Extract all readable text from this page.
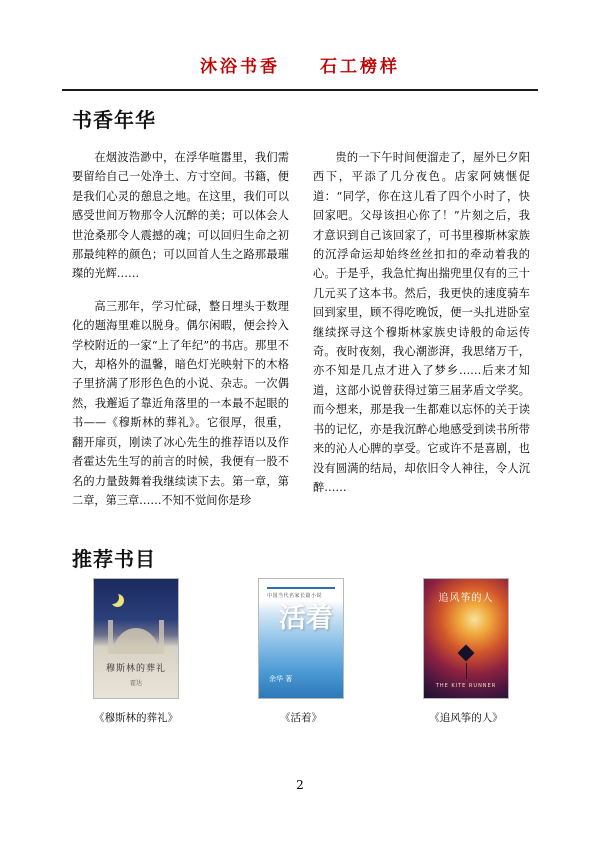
沐浴书香　　石工榜样
书香年华

在烟波浩渺中，在浮华喧嚣里，我们需要留给自己一处净土、方寸空间。书籍，便是我们心灵的憩息之地。在这里，我们可以感受世间万物那令人沉醉的美；可以体会人世沧桑那令人震撼的魂；可以回归生命之初那最纯粹的颜色；可以回首人生之路那最璀璨的光辉……

高三那年，学习忙碌，整日埋头于数理化的题海里难以脱身。偶尔闲暇，便会拎入学校附近的一家“上了年纪”的书店。那里不大，却格外的温馨，暗色灯光映射下的木格子里挤满了形形色色的小说、杂志。一次偶然，我邂逅了靠近角落里的一本最不起眼的书——《穆斯林的葬礼》。它很厚，很重，翻开扉页，刚读了冰心先生的推荐语以及作者霍达先生写的前言的时候，我便有一股不名的力量鼓舞着我继续读下去。第一章，第二章，第三章……不知不觉间你是珍

贵的一下午时间便溜走了，屋外巳夕阳西下，平添了几分夜色。店家阿姨惬促道：“同学，你在这儿看了四个小时了，快回家吧。父母该担心你了！”片刻之后，我才意识到自己该回家了，可书里穆斯林家族的沉浮命运却始终丝丝扣扣的牵动着我的心。于是乎，我急忙掏出揣兜里仅有的三十几元买了这本书。然后，我更快的速度骑车回到家里，顾不得吃晚饭，便一头扎进卧室继续探寻这个穆斯林家族史诗般的命运传奇。夜时夜刻，我心潮澎湃，我思绪万千，亦不知是几点才进入了梦乡……后来才知道，这部小说曾获得过第三届茅盾文学奖。而今想来，那是我一生都难以忘怀的关于读书的记忆，亦是我沉醉心地感受到读书所带来的沁人心脾的享受。它或许不是喜剧，也没有圆满的结局，却依旧令人神往，令人沉醉……

推荐书目
穆斯林的葬礼
霍达
《穆斯林的葬礼》
中国当代名家长篇小说
活着
余华 著
《活着》
追风筝的人
THE KITE RUNNER
《追风筝的人》
2
